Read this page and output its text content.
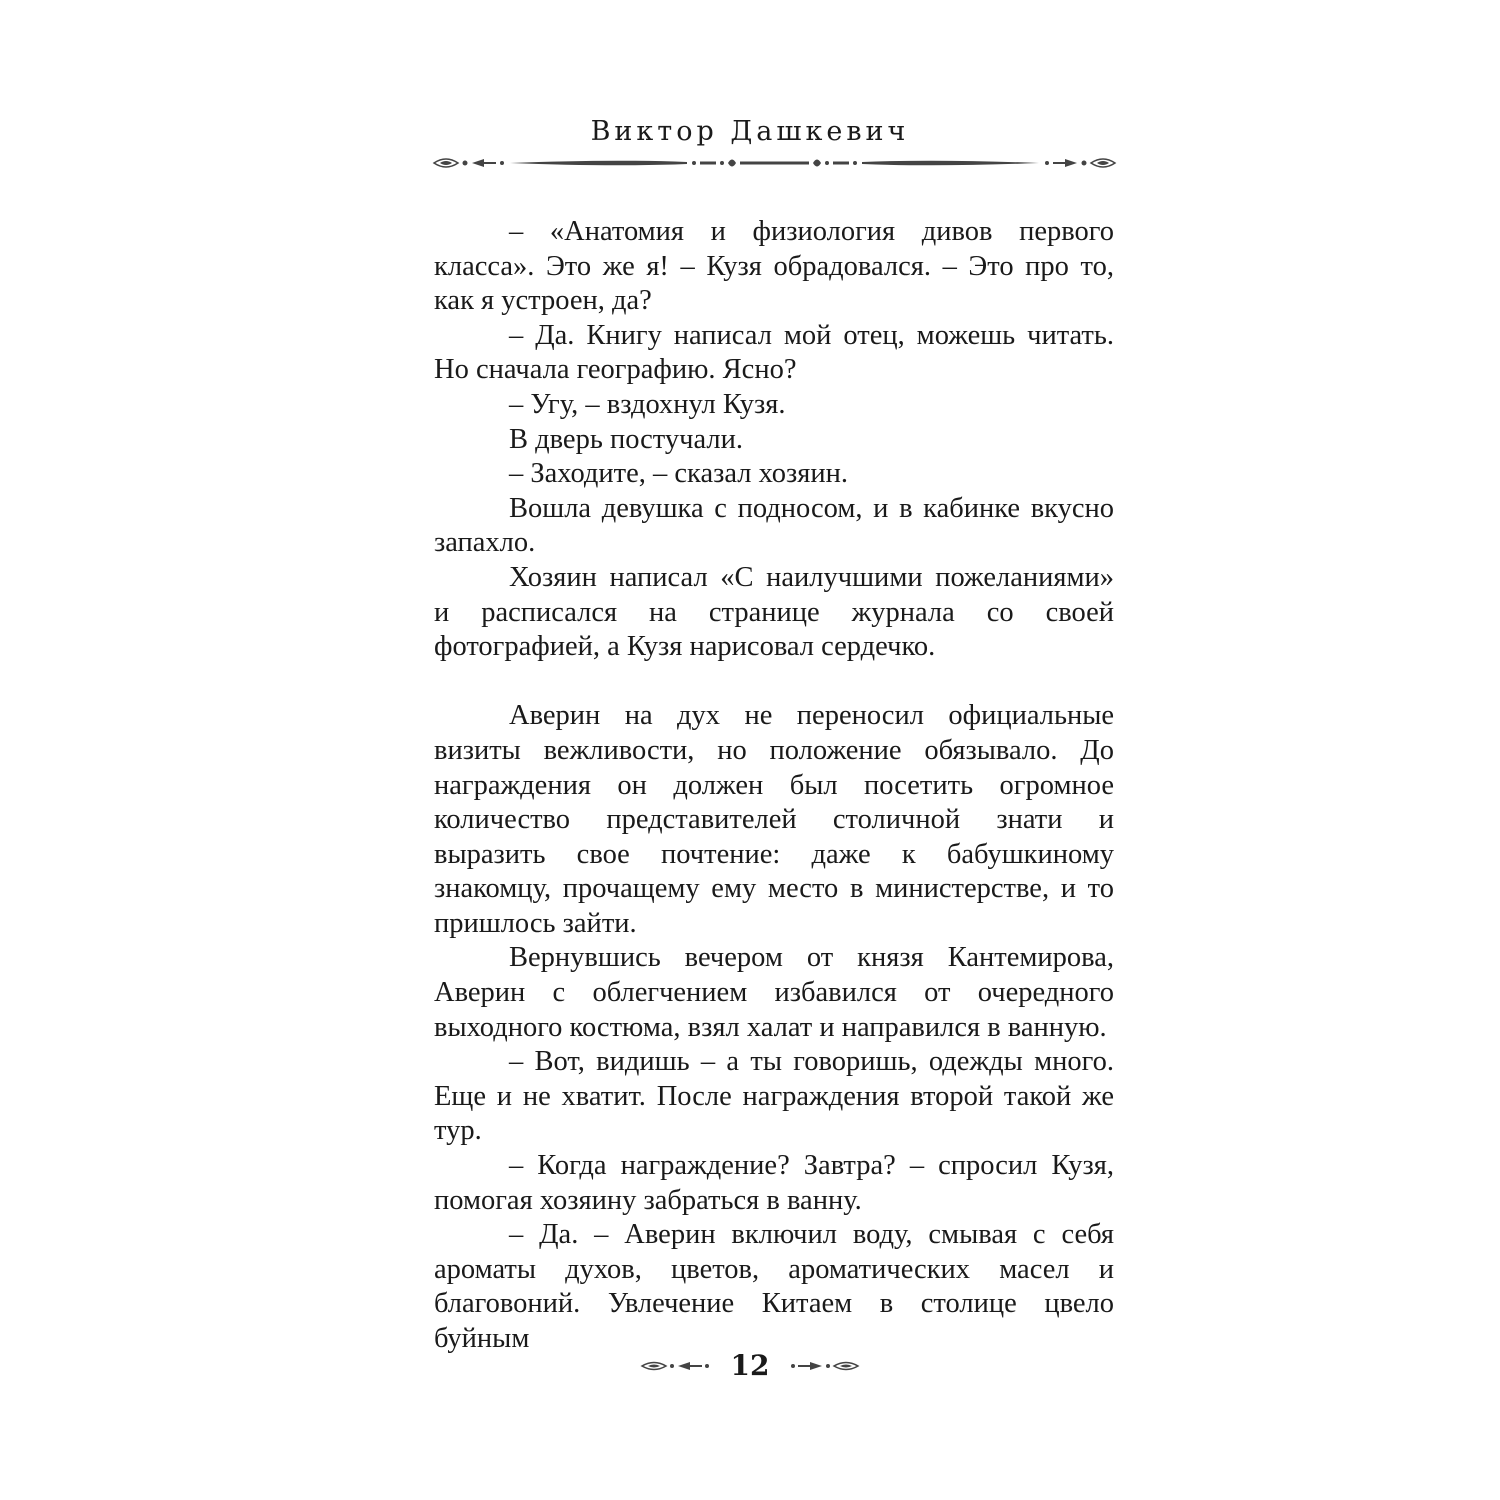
Виктор Дашкевич

– «Анатомия и физиология дивов первого класса». Это же я! – Кузя обрадовался. – Это про то, как я устроен, да?

– Да. Книгу написал мой отец, можешь читать. Но сначала географию. Ясно?

– Угу, – вздохнул Кузя.

В дверь постучали.

– Заходите, – сказал хозяин.

Вошла девушка с подносом, и в кабинке вкусно запахло.

Хозяин написал «С наилучшими пожеланиями» и расписался на странице журнала со своей фотографией, а Кузя нарисовал сердечко.

Аверин на дух не переносил официальные визиты вежливости, но положение обязывало. До награждения он должен был посетить огромное количество представителей столичной знати и выразить свое почтение: даже к бабушкиному знакомцу, прочащему ему место в министерстве, и то пришлось зайти.

Вернувшись вечером от князя Кантемирова, Аверин с облегчением избавился от очередного выходного костюма, взял халат и направился в ванную.

– Вот, видишь – а ты говоришь, одежды много. Еще и не хватит. После награждения второй такой же тур.

– Когда награждение? Завтра? – спросил Кузя, помогая хозяину забраться в ванну.

– Да. – Аверин включил воду, смывая с себя ароматы духов, цветов, ароматических масел и благовоний. Увлечение Китаем в столице цвело буйным

12
